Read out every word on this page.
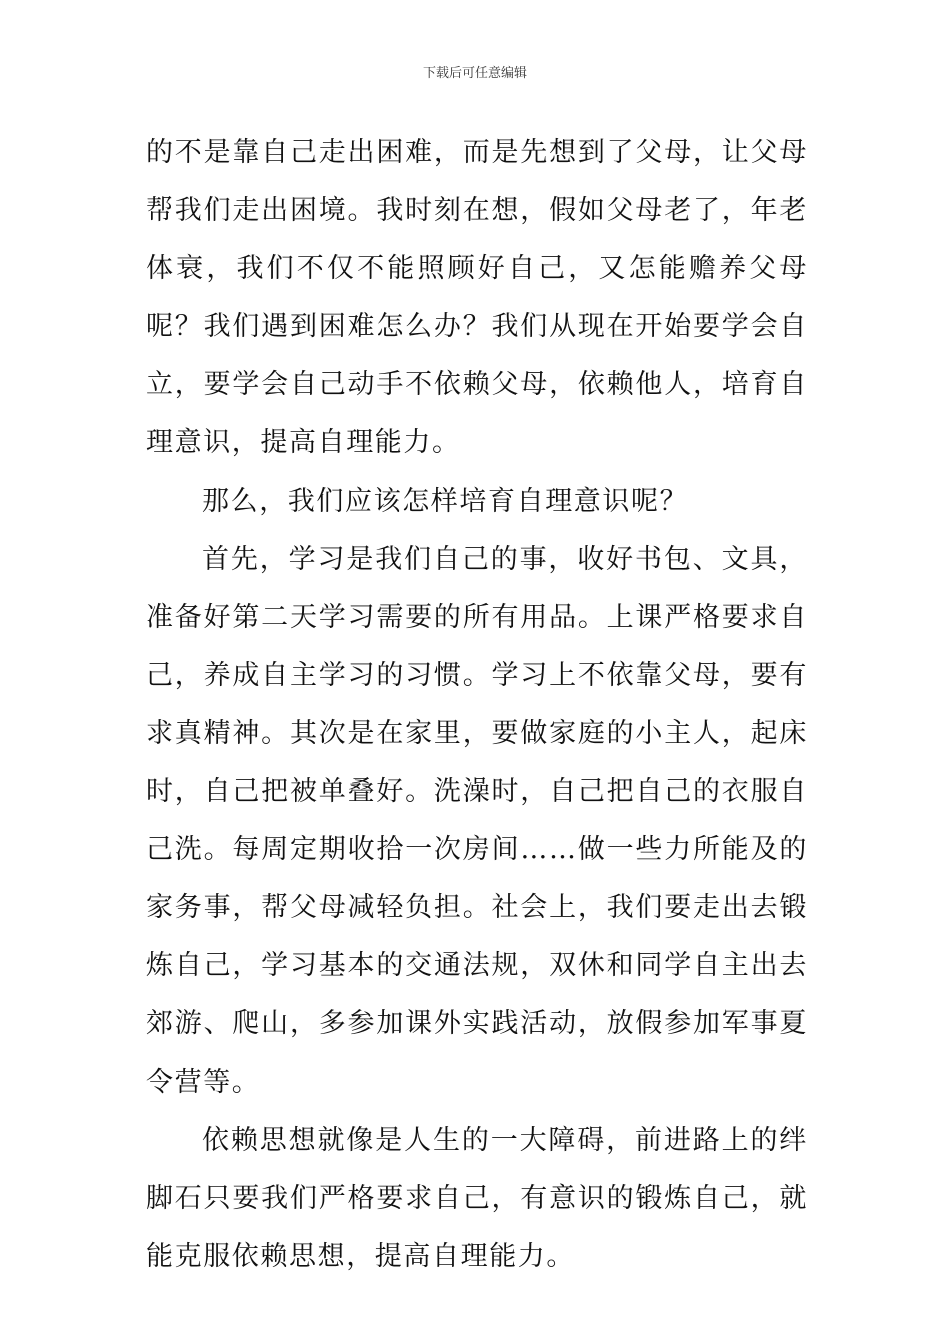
下载后可任意编辑

的不是靠自己走出困难，而是先想到了父母，让父母帮我们走出困境。我时刻在想，假如父母老了，年老体衰，我们不仅不能照顾好自己，又怎能赡养父母呢？我们遇到困难怎么办？我们从现在开始要学会自立，要学会自己动手不依赖父母，依赖他人，培育自理意识，提高自理能力。

那么，我们应该怎样培育自理意识呢？

首先，学习是我们自己的事，收好书包、文具，准备好第二天学习需要的所有用品。上课严格要求自己，养成自主学习的习惯。学习上不依靠父母，要有求真精神。其次是在家里，要做家庭的小主人，起床时，自己把被单叠好。洗澡时，自己把自己的衣服自己洗。每周定期收拾一次房间……做一些力所能及的家务事，帮父母减轻负担。社会上，我们要走出去锻炼自己，学习基本的交通法规，双休和同学自主出去郊游、爬山，多参加课外实践活动，放假参加军事夏令营等。

依赖思想就像是人生的一大障碍，前进路上的绊脚石只要我们严格要求自己，有意识的锻炼自己，就能克服依赖思想，提高自理能力。
